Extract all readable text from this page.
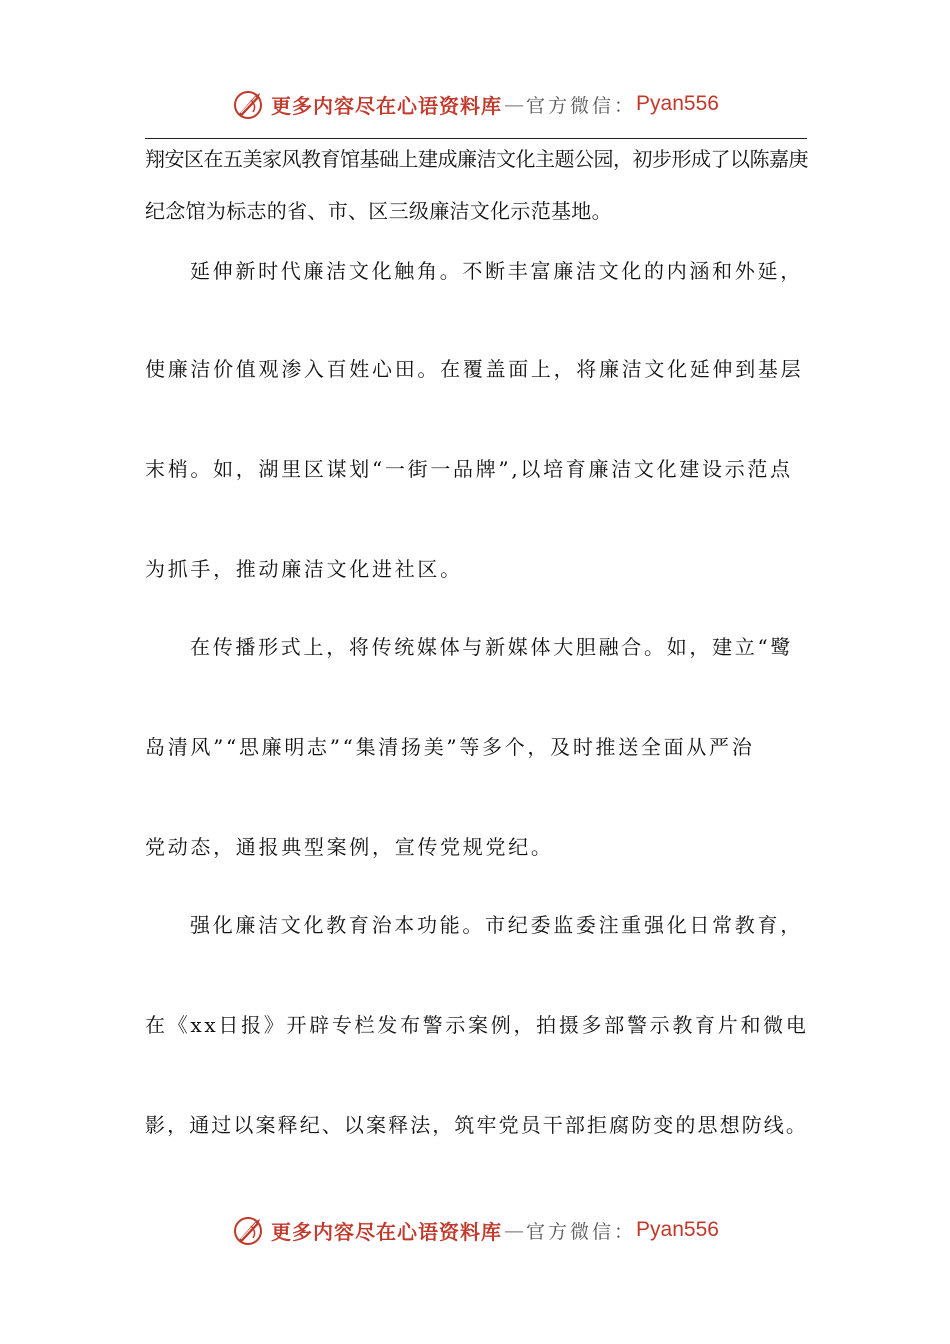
更多内容尽在心语资料库 — 官方微信： Pyan556
翔安区在五美家风教育馆基础上建成廉洁文化主题公园，初步形成了以陈嘉庚
纪念馆为标志的省、市、区三级廉洁文化示范基地。
延伸新时代廉洁文化触角。不断丰富廉洁文化的内涵和外延，
使廉洁价值观渗入百姓心田。在覆盖面上，将廉洁文化延伸到基层
末梢。如，湖里区谋划“一街一品牌”,以培育廉洁文化建设示范点
为抓手，推动廉洁文化进社区。
在传播形式上，将传统媒体与新媒体大胆融合。如，建立“鹭
岛清风”“思廉明志”“集清扬美”等多个，及时推送全面从严治
党动态，通报典型案例，宣传党规党纪。
强化廉洁文化教育治本功能。市纪委监委注重强化日常教育，
在《xx日报》开辟专栏发布警示案例，拍摄多部警示教育片和微电
影，通过以案释纪、以案释法，筑牢党员干部拒腐防变的思想防线。
更多内容尽在心语资料库 — 官方微信： Pyan556
